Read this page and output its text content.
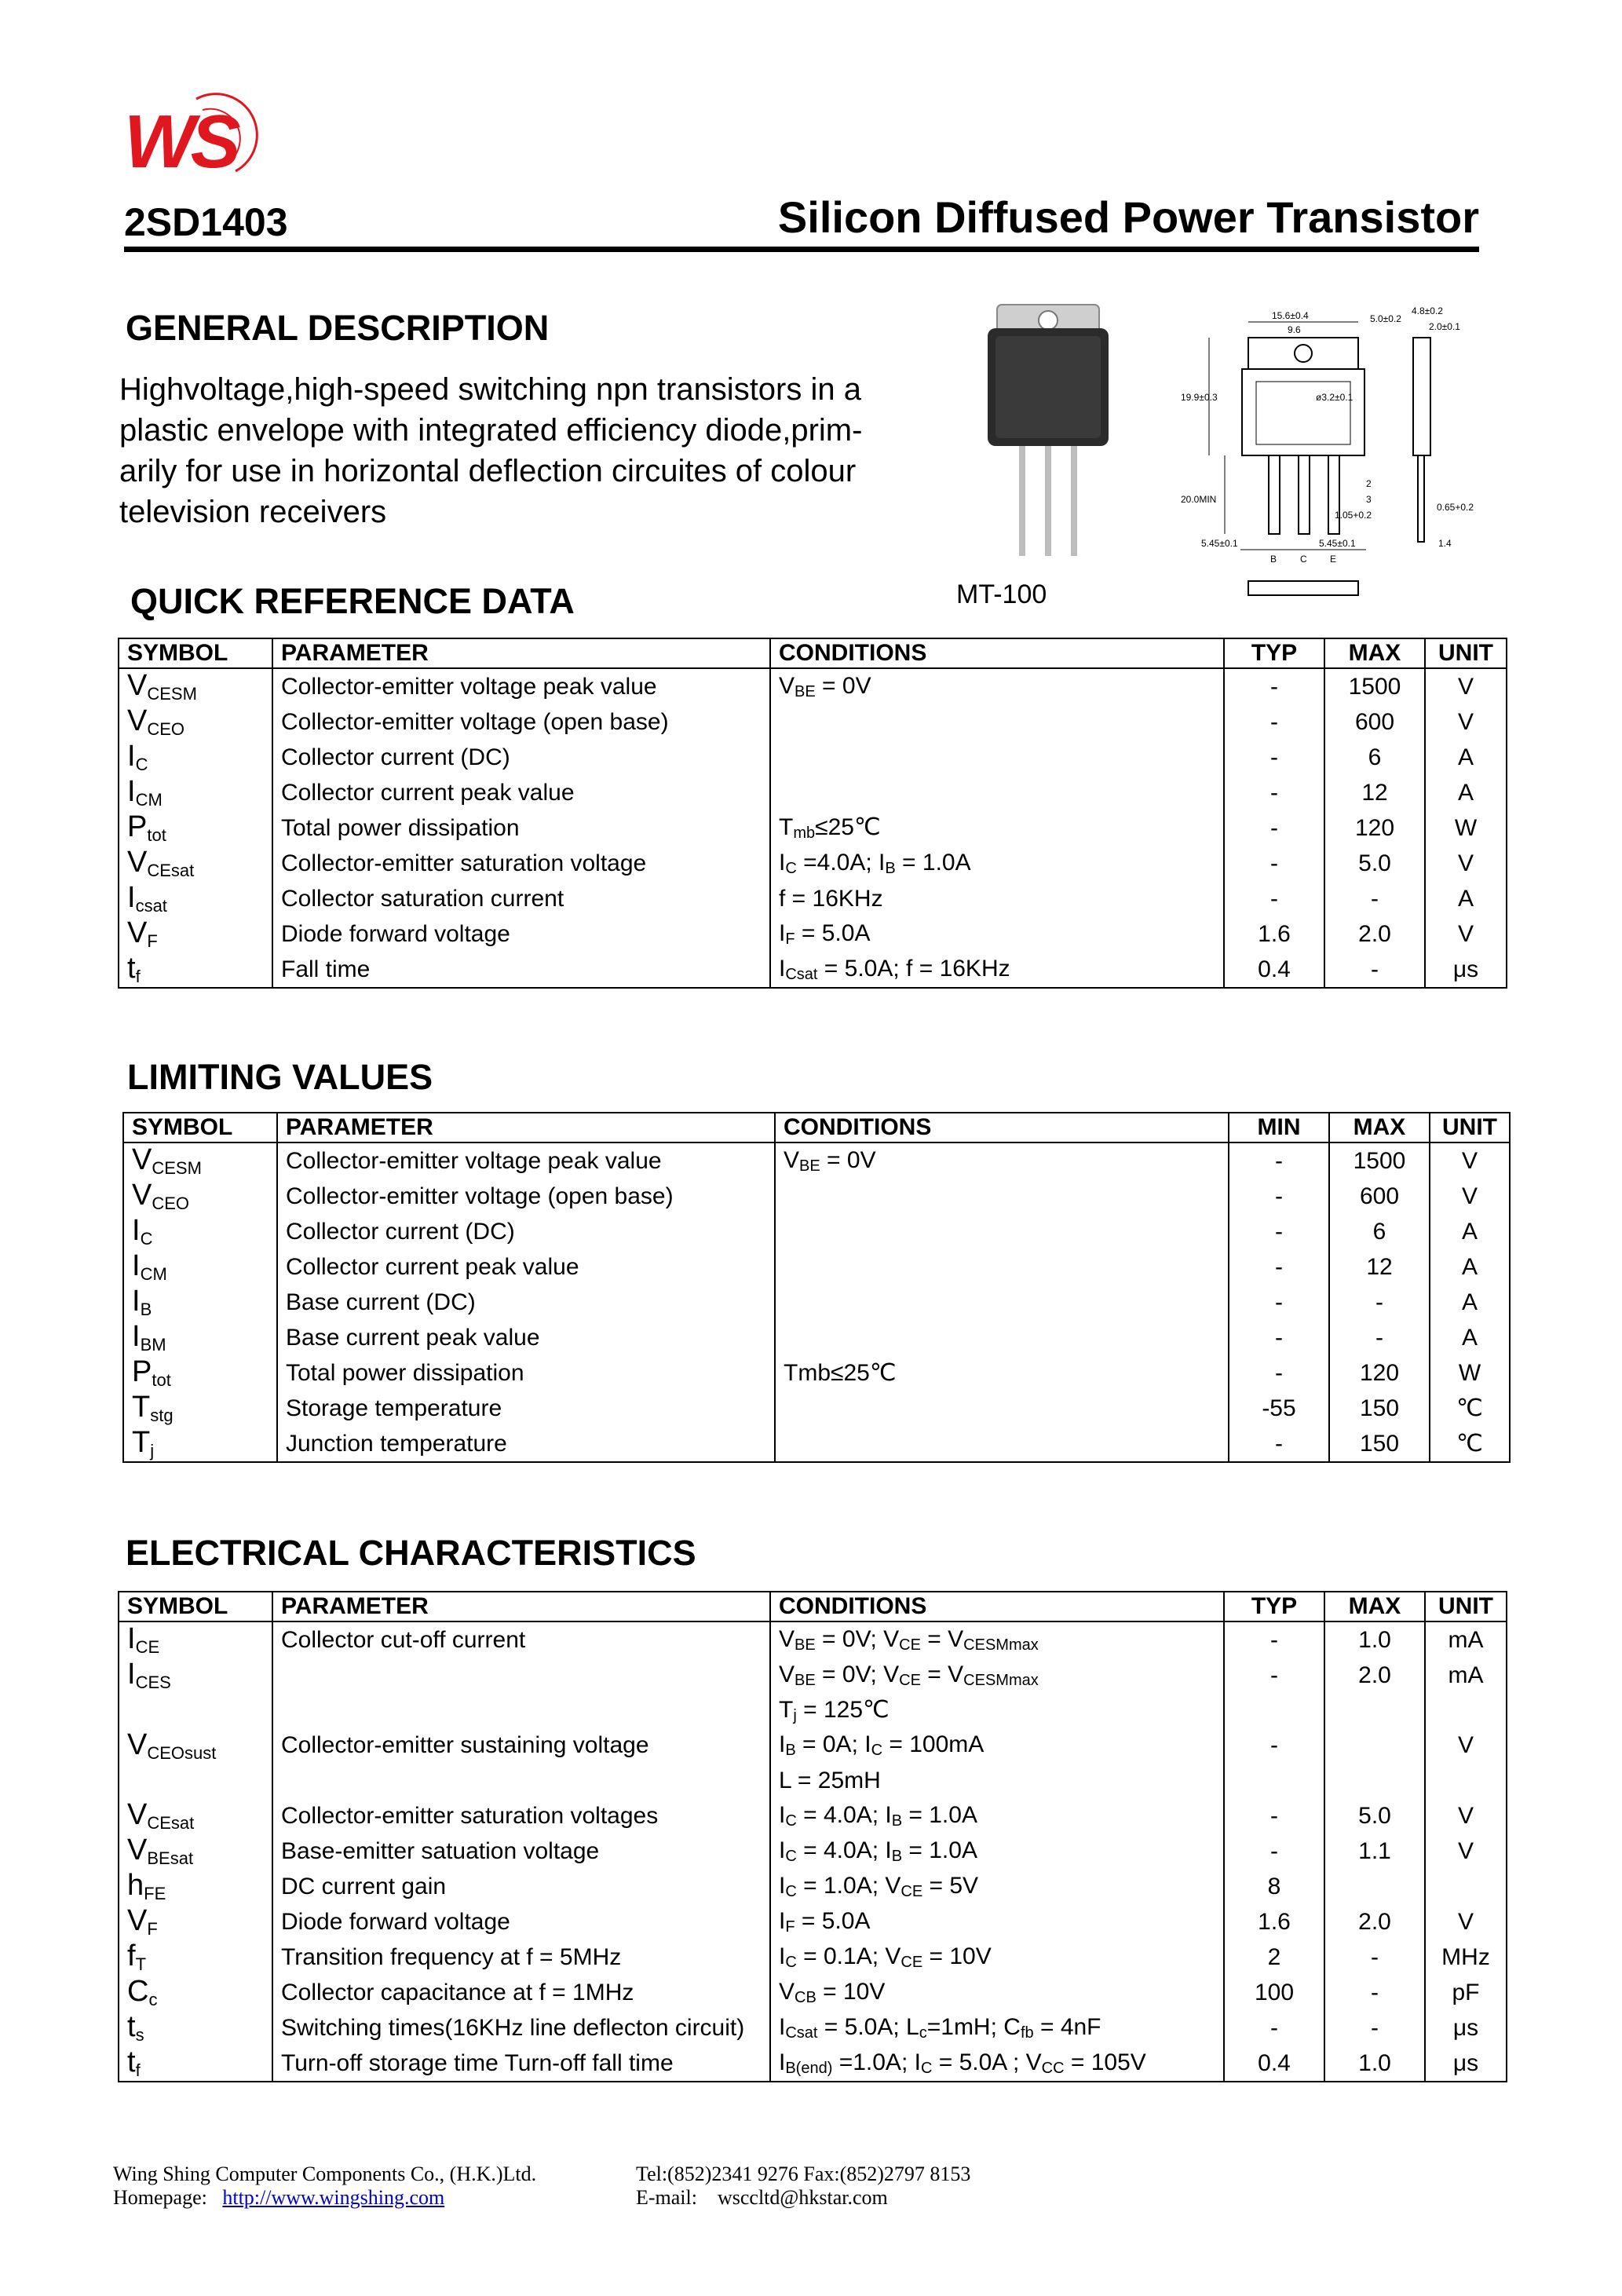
WS
2SD1403	Silicon Diffused Power Transistor
GENERAL DESCRIPTION
Highvoltage,high-speed switching npn transistors in a
plastic envelope with integrated efficiency diode,prim-
arily for use in horizontal deflection circuites of colour
television receivers
MT-100
15.6±0.4
9.6
5.0±0.2
4.8±0.2
2.0±0.1
19.9±0.3	ø3.2±0.1
20.0MIN
2
3
1.05+0.2
0.65+0.2
5.45±0.1	5.45±0.1	1.4
B C E
QUICK REFERENCE DATA
SYMBOL	PARAMETER	CONDITIONS	TYP	MAX	UNIT
$V_{CESM}$	Collector-emitter voltage peak value	$V_{BE} = 0V$	-	1500	V
$V_{CEO}$	Collector-emitter voltage (open base)		-	600	V
$I_C$	Collector current (DC)		-	6	A
$I_{CM}$	Collector current peak value		-	12	A
$P_{tot}$	Total power dissipation	$T_{mb}\le 25℃$	-	120	W
$V_{CEsat}$	Collector-emitter saturation voltage	$I_C =4.0A$; $I_B = 1.0A$	-	5.0	V
$I_{csat}$	Collector saturation current	f = 16KHz	-	-	A
$V_F$	Diode forward voltage	$I_F = 5.0A$	1.6	2.0	V
$t_f$	Fall time	$I_{Csat} = 5.0A$; f = 16KHz	0.4	-	μs
LIMITING VALUES
SYMBOL	PARAMETER	CONDITIONS	MIN	MAX	UNIT
$V_{CESM}$	Collector-emitter voltage peak value	$V_{BE} = 0V$	-	1500	V
$V_{CEO}$	Collector-emitter voltage (open base)		-	600	V
$I_C$	Collector current (DC)		-	6	A
$I_{CM}$	Collector current peak value		-	12	A
$I_B$	Base current (DC)		-	-	A
$I_{BM}$	Base current peak value		-	-	A
$P_{tot}$	Total power dissipation	Tmb≤25℃	-	120	W
$T_{stg}$	Storage temperature		-55	150	℃
$T_j$	Junction temperature		-	150	℃
ELECTRICAL CHARACTERISTICS
SYMBOL	PARAMETER	CONDITIONS	TYP	MAX	UNIT
$I_{CE}$	Collector cut-off current	$V_{BE} = 0V$; $V_{CE} = V_{CESMmax}$	-	1.0	mA
$I_{CES}$		$V_{BE} = 0V$; $V_{CE} = V_{CESMmax}$	-	2.0	mA
		$T_j$ = 125℃			
$V_{CEOsust}$	Collector-emitter sustaining voltage	$I_B = 0A$; $I_C = 100mA$	-		V
		L = 25mH			
$V_{CEsat}$	Collector-emitter saturation voltages	$I_C = 4.0A$; $I_B = 1.0A$	-	5.0	V
$V_{BEsat}$	Base-emitter satuation voltage	$I_C = 4.0A$; $I_B = 1.0A$	-	1.1	V
$h_{FE}$	DC current gain	$I_C = 1.0A$; $V_{CE} = 5V$	8		
$V_F$	Diode forward voltage	$I_F = 5.0A$	1.6	2.0	V
$f_T$	Transition frequency at f = 5MHz	$I_C = 0.1A$; $V_{CE} = 10V$	2	-	MHz
$C_c$	Collector capacitance at f = 1MHz	$V_{CB} = 10V$	100	-	pF
$t_s$	Switching times(16KHz line deflecton circuit)	$I_{Csat} = 5.0A$; $L_c=1mH$; $C_{fb} = 4nF$	-	-	μs
$t_f$	Turn-off storage time Turn-off fall time	$I_{B(end)} =1.0A$; $I_C = 5.0A$ ; $V_{CC} = 105V$	0.4	1.0	μs
Wing Shing Computer Components Co., (H.K.)Ltd.
Homepage: http://www.wingshing.com
Tel:(852)2341 9276 Fax:(852)2797 8153
E-mail: wsccltd@hkstar.com
